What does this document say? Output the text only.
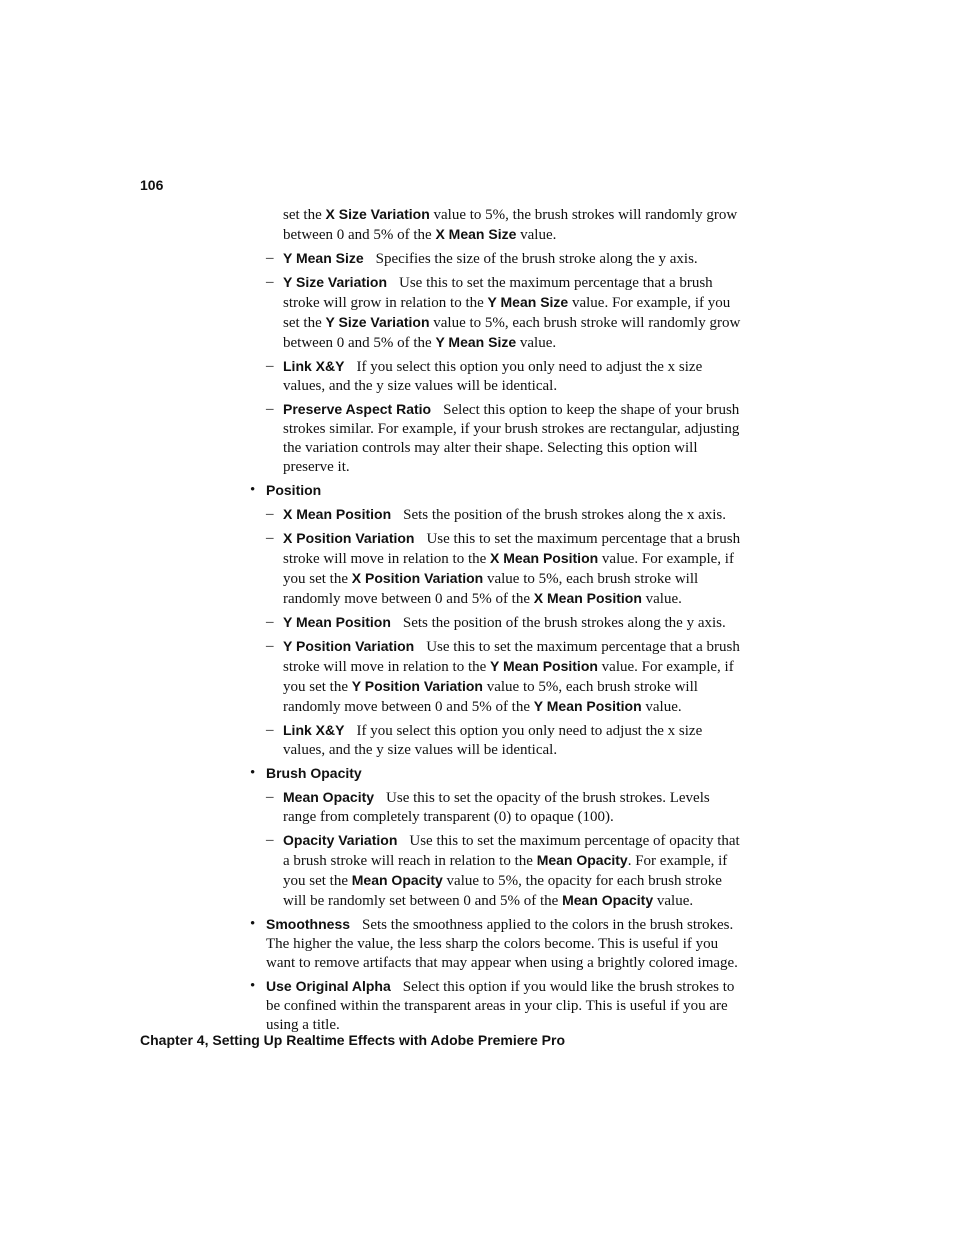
106

set the X Size Variation value to 5%, the brush strokes will randomly grow between 0 and 5% of the X Mean Size value.

– Y Mean Size Specifies the size of the brush stroke along the y axis.

– Y Size Variation Use this to set the maximum percentage that a brush stroke will grow in relation to the Y Mean Size value. For example, if you set the Y Size Variation value to 5%, each brush stroke will randomly grow between 0 and 5% of the Y Mean Size value.

– Link X&Y If you select this option you only need to adjust the x size values, and the y size values will be identical.

– Preserve Aspect Ratio Select this option to keep the shape of your brush strokes similar. For example, if your brush strokes are rectangular, adjusting the variation controls may alter their shape. Selecting this option will preserve it.

• Position

– X Mean Position Sets the position of the brush strokes along the x axis.

– X Position Variation Use this to set the maximum percentage that a brush stroke will move in relation to the X Mean Position value. For example, if you set the X Position Variation value to 5%, each brush stroke will randomly move between 0 and 5% of the X Mean Position value.

– Y Mean Position Sets the position of the brush strokes along the y axis.

– Y Position Variation Use this to set the maximum percentage that a brush stroke will move in relation to the Y Mean Position value. For example, if you set the Y Position Variation value to 5%, each brush stroke will randomly move between 0 and 5% of the Y Mean Position value.

– Link X&Y If you select this option you only need to adjust the x size values, and the y size values will be identical.

• Brush Opacity

– Mean Opacity Use this to set the opacity of the brush strokes. Levels range from completely transparent (0) to opaque (100).

– Opacity Variation Use this to set the maximum percentage of opacity that a brush stroke will reach in relation to the Mean Opacity. For example, if you set the Mean Opacity value to 5%, the opacity for each brush stroke will be randomly set between 0 and 5% of the Mean Opacity value.

• Smoothness Sets the smoothness applied to the colors in the brush strokes. The higher the value, the less sharp the colors become. This is useful if you want to remove artifacts that may appear when using a brightly colored image.

• Use Original Alpha Select this option if you would like the brush strokes to be confined within the transparent areas in your clip. This is useful if you are using a title.

Chapter 4, Setting Up Realtime Effects with Adobe Premiere Pro
